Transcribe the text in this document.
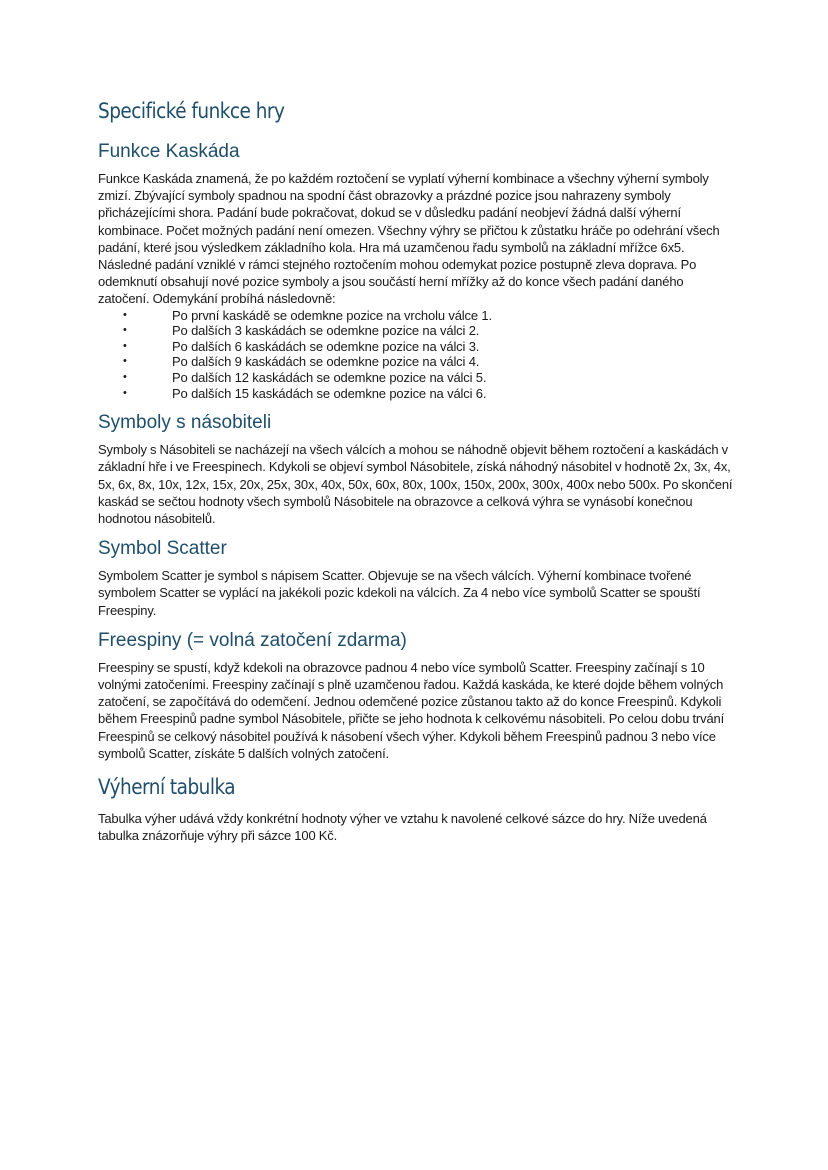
Specifické funkce hry
Funkce Kaskáda

Funkce Kaskáda znamená, že po každém roztočení se vyplatí výherní kombinace a všechny výherní symboly zmizí. Zbývající symboly spadnou na spodní část obrazovky a prázdné pozice jsou nahrazeny symboly přicházejícími shora. Padání bude pokračovat, dokud se v důsledku padání neobjeví žádná další výherní kombinace. Počet možných padání není omezen. Všechny výhry se přičtou k zůstatku hráče po odehrání všech padání, které jsou výsledkem základního kola. Hra má uzamčenou řadu symbolů na základní mřížce 6x5. Následné padání vzniklé v rámci stejného roztočením mohou odemykat pozice postupně zleva doprava. Po odemknutí obsahují nové pozice symboly a jsou součástí herní mřížky až do konce všech padání daného zatočení. Odemykání probíhá následovně:

•	Po první kaskádě se odemkne pozice na vrcholu válce 1.
•	Po dalších 3 kaskádách se odemkne pozice na válci 2.
•	Po dalších 6 kaskádách se odemkne pozice na válci 3.
•	Po dalších 9 kaskádách se odemkne pozice na válci 4.
•	Po dalších 12 kaskádách se odemkne pozice na válci 5.
•	Po dalších 15 kaskádách se odemkne pozice na válci 6.
Symboly s násobiteli

Symboly s Násobiteli se nacházejí na všech válcích a mohou se náhodně objevit během roztočení a kaskádách v základní hře i ve Freespinech. Kdykoli se objeví symbol Násobitele, získá náhodný násobitel v hodnotě 2x, 3x, 4x, 5x, 6x, 8x, 10x, 12x, 15x, 20x, 25x, 30x, 40x, 50x, 60x, 80x, 100x, 150x, 200x, 300x, 400x nebo 500x. Po skončení kaskád se sečtou hodnoty všech symbolů Násobitele na obrazovce a celková výhra se vynásobí konečnou hodnotou násobitelů.

Symbol Scatter

Symbolem Scatter je symbol s nápisem Scatter. Objevuje se na všech válcích. Výherní kombinace tvořené symbolem Scatter se vyplácí na jakékoli pozic kdekoli na válcích. Za 4 nebo více symbolů Scatter se spouští Freespiny.

Freespiny (= volná zatočení zdarma)

Freespiny se spustí, když kdekoli na obrazovce padnou 4 nebo více symbolů Scatter. Freespiny začínají s 10 volnými zatočeními. Freespiny začínají s plně uzamčenou řadou. Každá kaskáda, ke které dojde během volných zatočení, se započítává do odemčení. Jednou odemčené pozice zůstanou takto až do konce Freespinů. Kdykoli během Freespinů padne symbol Násobitele, přičte se jeho hodnota k celkovému násobiteli. Po celou dobu trvání Freespinů se celkový násobitel používá k násobení všech výher. Kdykoli během Freespinů padnou 3 nebo více symbolů Scatter, získáte 5 dalších volných zatočení.

Výherní tabulka

Tabulka výher udává vždy konkrétní hodnoty výher ve vztahu k navolené celkové sázce do hry. Níže uvedená tabulka znázorňuje výhry při sázce 100 Kč.
